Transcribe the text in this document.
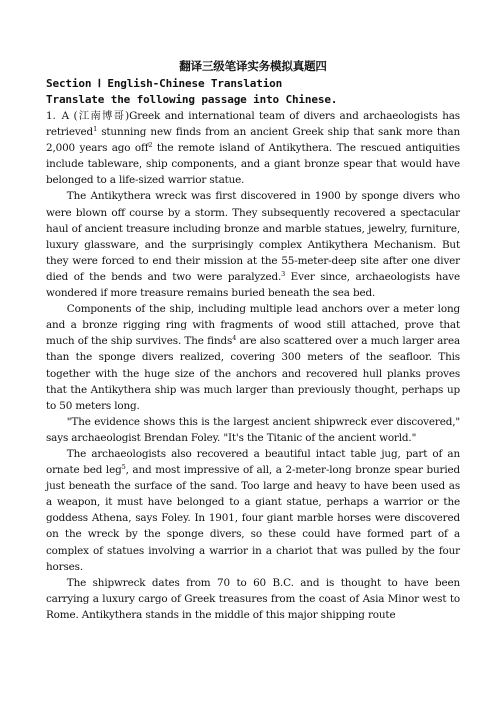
翻译三级笔译实务模拟真题四
Section Ⅰ English-Chinese Translation
Translate the following passage into Chinese.

1. A (江南博哥)Greek and international team of divers and archaeologists has retrieved$^1$ stunning new finds from an ancient Greek ship that sank more than 2,000 years ago off$^2$ the remote island of Antikythera. The rescued antiquities include tableware, ship components, and a giant bronze spear that would have belonged to a life-sized warrior statue.

The Antikythera wreck was first discovered in 1900 by sponge divers who were blown off course by a storm. They subsequently recovered a spectacular haul of ancient treasure including bronze and marble statues, jewelry, furniture, luxury glassware, and the surprisingly complex Antikythera Mechanism. But they were forced to end their mission at the 55-meter-deep site after one diver died of the bends and two were paralyzed.$^3$ Ever since, archaeologists have wondered if more treasure remains buried beneath the sea bed.

Components of the ship, including multiple lead anchors over a meter long and a bronze rigging ring with fragments of wood still attached, prove that much of the ship survives. The finds$^4$ are also scattered over a much larger area than the sponge divers realized, covering 300 meters of the seafloor. This together with the huge size of the anchors and recovered hull planks proves that the Antikythera ship was much larger than previously thought, perhaps up to 50 meters long.

"The evidence shows this is the largest ancient shipwreck ever discovered," says archaeologist Brendan Foley. "It's the Titanic of the ancient world."

The archaeologists also recovered a beautiful intact table jug, part of an ornate bed leg$^5$, and most impressive of all, a 2-meter-long bronze spear buried just beneath the surface of the sand. Too large and heavy to have been used as a weapon, it must have belonged to a giant statue, perhaps a warrior or the goddess Athena, says Foley. In 1901, four giant marble horses were discovered on the wreck by the sponge divers, so these could have formed part of a complex of statues involving a warrior in a chariot that was pulled by the four horses.

The shipwreck dates from 70 to 60 B.C. and is thought to have been carrying a luxury cargo of Greek treasures from the coast of Asia Minor west to Rome. Antikythera stands in the middle of this major shipping route
